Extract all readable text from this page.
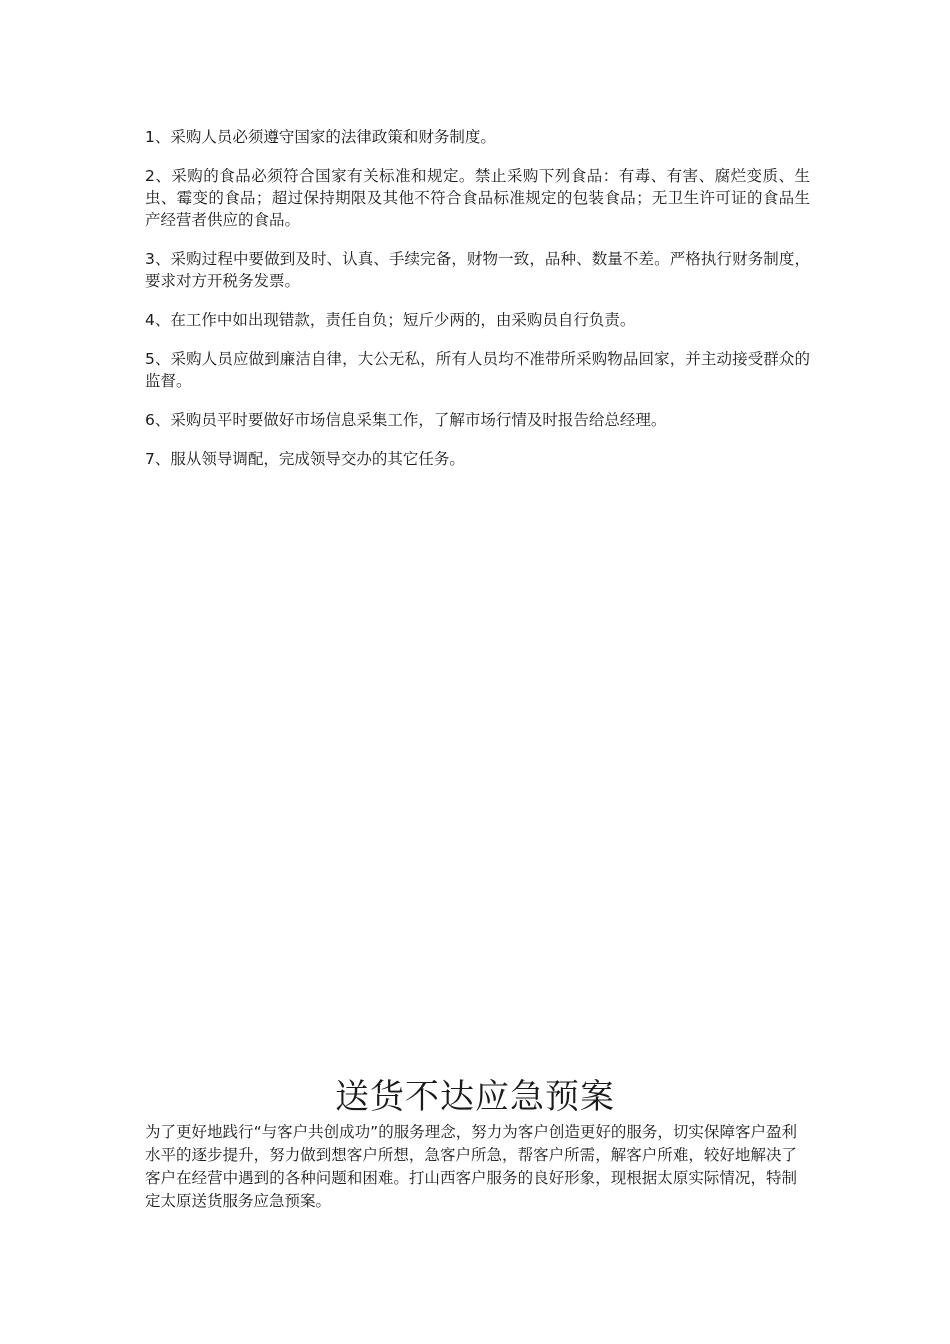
1、采购人员必须遵守国家的法律政策和财务制度。
2、采购的食品必须符合国家有关标准和规定。禁止采购下列食品：有毒、有害、腐烂变质、生虫、霉变的食品；超过保持期限及其他不符合食品标准规定的包装食品；无卫生许可证的食品生产经营者供应的食品。
3、采购过程中要做到及时、认真、手续完备，财物一致，品种、数量不差。严格执行财务制度，要求对方开税务发票。
4、在工作中如出现错款，责任自负；短斤少两的，由采购员自行负责。
5、采购人员应做到廉洁自律，大公无私，所有人员均不准带所采购物品回家，并主动接受群众的监督。
6、采购员平时要做好市场信息采集工作，了解市场行情及时报告给总经理。
7、服从领导调配，完成领导交办的其它任务。
送货不达应急预案

为了更好地践行“与客户共创成功”的服务理念，努力为客户创造更好的服务，切实保障客户盈利水平的逐步提升，努力做到想客户所想，急客户所急，帮客户所需，解客户所难，较好地解决了客户在经营中遇到的各种问题和困难。打山西客户服务的良好形象，现根据太原实际情况，特制定太原送货服务应急预案。
